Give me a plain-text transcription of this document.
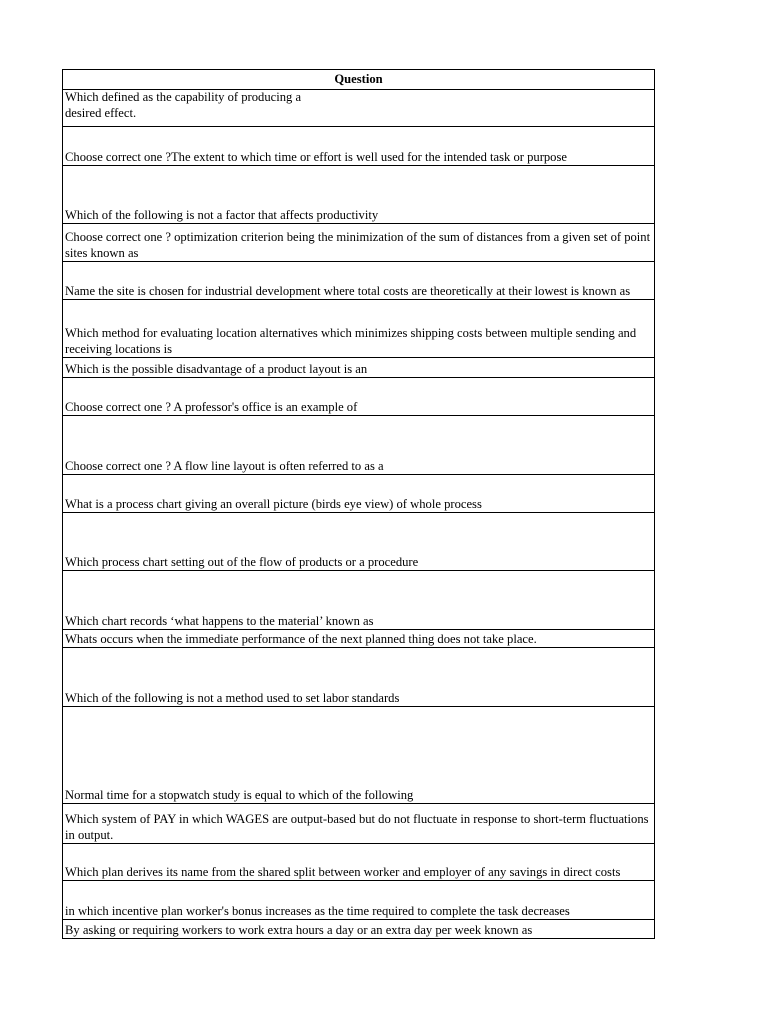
Question

Which defined as the capability of producing a
desired effect.

Choose correct one ?The extent to which time or effort is well used for the intended task or purpose

Which of the following is not a factor that affects productivity

Choose correct one ? optimization criterion being the minimization of the sum of distances from a given set of point sites known as

Name the site is chosen for industrial development where total costs are theoretically at their lowest is known as

Which method for evaluating location alternatives which minimizes shipping costs between multiple sending and receiving locations is

Which is the possible disadvantage of a product layout is an

Choose correct one ? A professor's office is an example of

Choose correct one ? A flow line layout is often referred to as a

What is a process chart giving an overall picture (birds eye view) of whole process

Which process chart setting out of the flow of products or a procedure

Which chart records ‘what happens to the material’ known as

Whats occurs when the immediate performance of the next planned thing does not take place.

Which of the following is not a method used to set labor standards

Normal time for a stopwatch study is equal to which of the following

Which system of PAY in which WAGES are output-based but do not fluctuate in response to short-term fluctuations in output.

Which plan derives its name from the shared split between worker and employer of any savings in direct costs

in which incentive plan worker's bonus increases as the time required to complete the task decreases

By asking or requiring workers to work extra hours a day or an extra day per week known as
